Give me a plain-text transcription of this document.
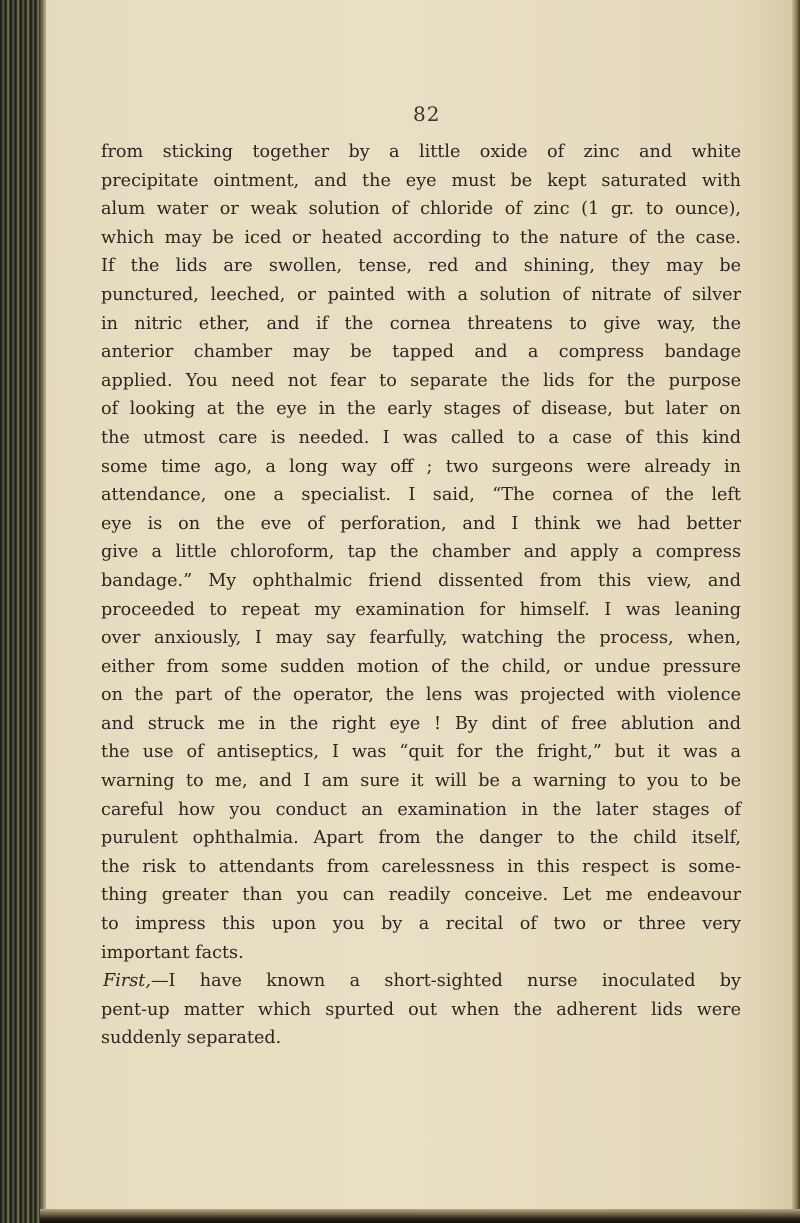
82
from sticking together by a little oxide of zinc and white
precipitate ointment, and the eye must be kept saturated with
alum water or weak solution of chloride of zinc (1 gr. to ounce),
which may be iced or heated according to the nature of the case.
If the lids are swollen, tense, red and shining, they may be
punctured, leeched, or painted with a solution of nitrate of silver
in nitric ether, and if the cornea threatens to give way, the
anterior chamber may be tapped and a compress bandage
applied. You need not fear to separate the lids for the purpose
of looking at the eye in the early stages of disease, but later on
the utmost care is needed. I was called to a case of this kind
some time ago, a long way off ; two surgeons were already in
attendance, one a specialist. I said, “The cornea of the left
eye is on the eve of perforation, and I think we had better
give a little chloroform, tap the chamber and apply a compress
bandage.” My ophthalmic friend dissented from this view, and
proceeded to repeat my examination for himself. I was leaning
over anxiously, I may say fearfully, watching the process, when,
either from some sudden motion of the child, or undue pressure
on the part of the operator, the lens was projected with violence
and struck me in the right eye ! By dint of free ablution and
the use of antiseptics, I was “quit for the fright,” but it was a
warning to me, and I am sure it will be a warning to you to be
careful how you conduct an examination in the later stages of
purulent ophthalmia. Apart from the danger to the child itself,
the risk to attendants from carelessness in this respect is some-
thing greater than you can readily conceive. Let me endeavour
to impress this upon you by a recital of two or three very
important facts.
First, —I have known a short-sighted nurse inoculated by
pent-up matter which spurted out when the adherent lids were
suddenly separated.
